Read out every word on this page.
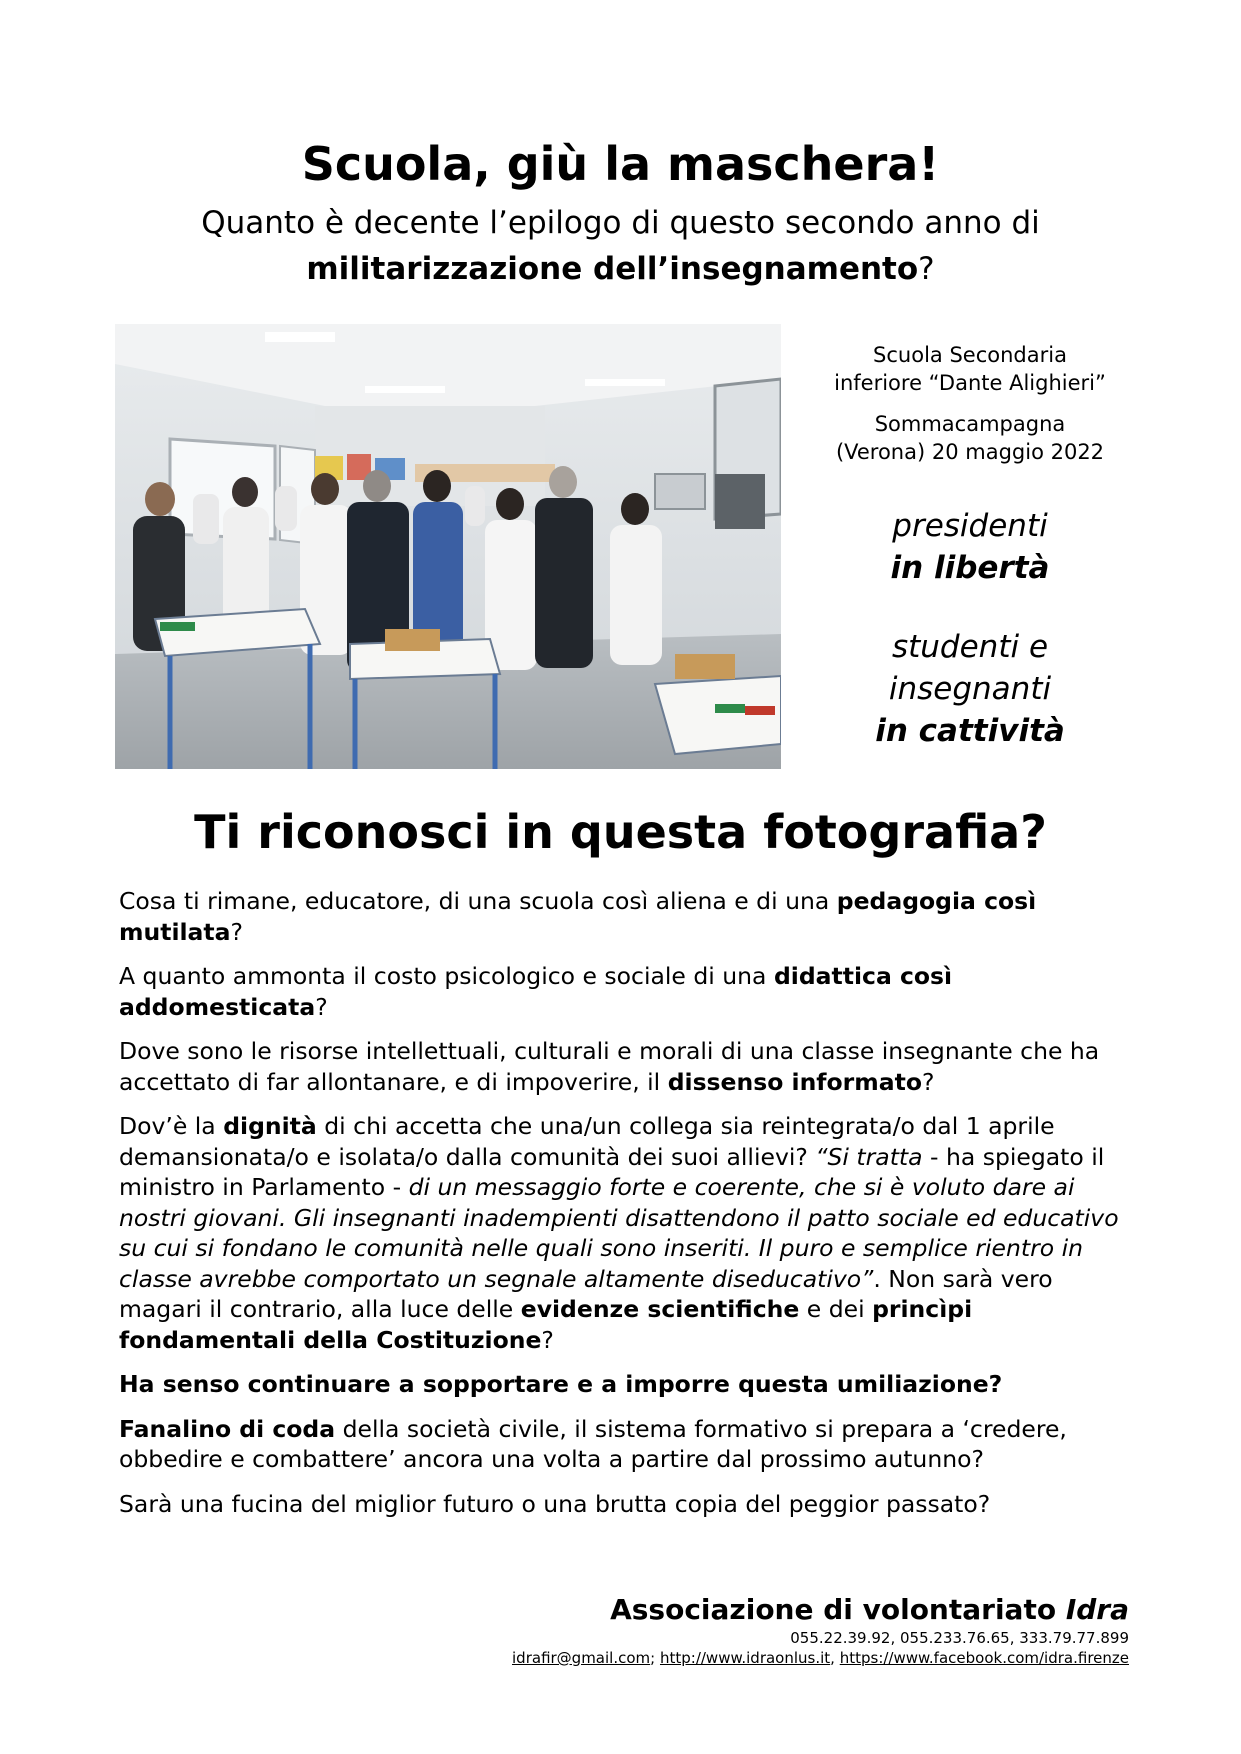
Scuola, giù la maschera!
Quanto è decente l’epilogo di questo secondo anno di
militarizzazione dell’insegnamento?

Scuola Secondaria

inferiore “Dante Alighieri”

Sommacampagna

(Verona) 20 maggio 2022

presidenti

in libertà

studenti e

insegnanti

in cattività

Ti riconosci in questa fotografia?

Cosa ti rimane, educatore, di una scuola così aliena e di una pedagogia così mutilata?

A quanto ammonta il costo psicologico e sociale di una didattica così addomesticata?

Dove sono le risorse intellettuali, culturali e morali di una classe insegnante che ha accettato di far allontanare, e di impoverire, il dissenso informato?

Dov’è la dignità di chi accetta che una/un collega sia reintegrata/o dal 1 aprile demansionata/o e isolata/o dalla comunità dei suoi allievi? “Si tratta - ha spiegato il ministro in Parlamento - di un messaggio forte e coerente, che si è voluto dare ai nostri giovani. Gli insegnanti inadempienti disattendono il patto sociale ed educativo su cui si fondano le comunità nelle quali sono inseriti. Il puro e semplice rientro in classe avrebbe comportato un segnale altamente diseducativo”. Non sarà vero magari il contrario, alla luce delle evidenze scientifiche e dei princìpi fondamentali della Costituzione?

Ha senso continuare a sopportare e a imporre questa umiliazione?

Fanalino di coda della società civile, il sistema formativo si prepara a ‘credere, obbedire e combattere’ ancora una volta a partire dal prossimo autunno?

Sarà una fucina del miglior futuro o una brutta copia del peggior passato?

Associazione di volontariato Idra
055.22.39.92, 055.233.76.65, 333.79.77.899
idrafir@gmail.com; http://www.idraonlus.it, https://www.facebook.com/idra.firenze
